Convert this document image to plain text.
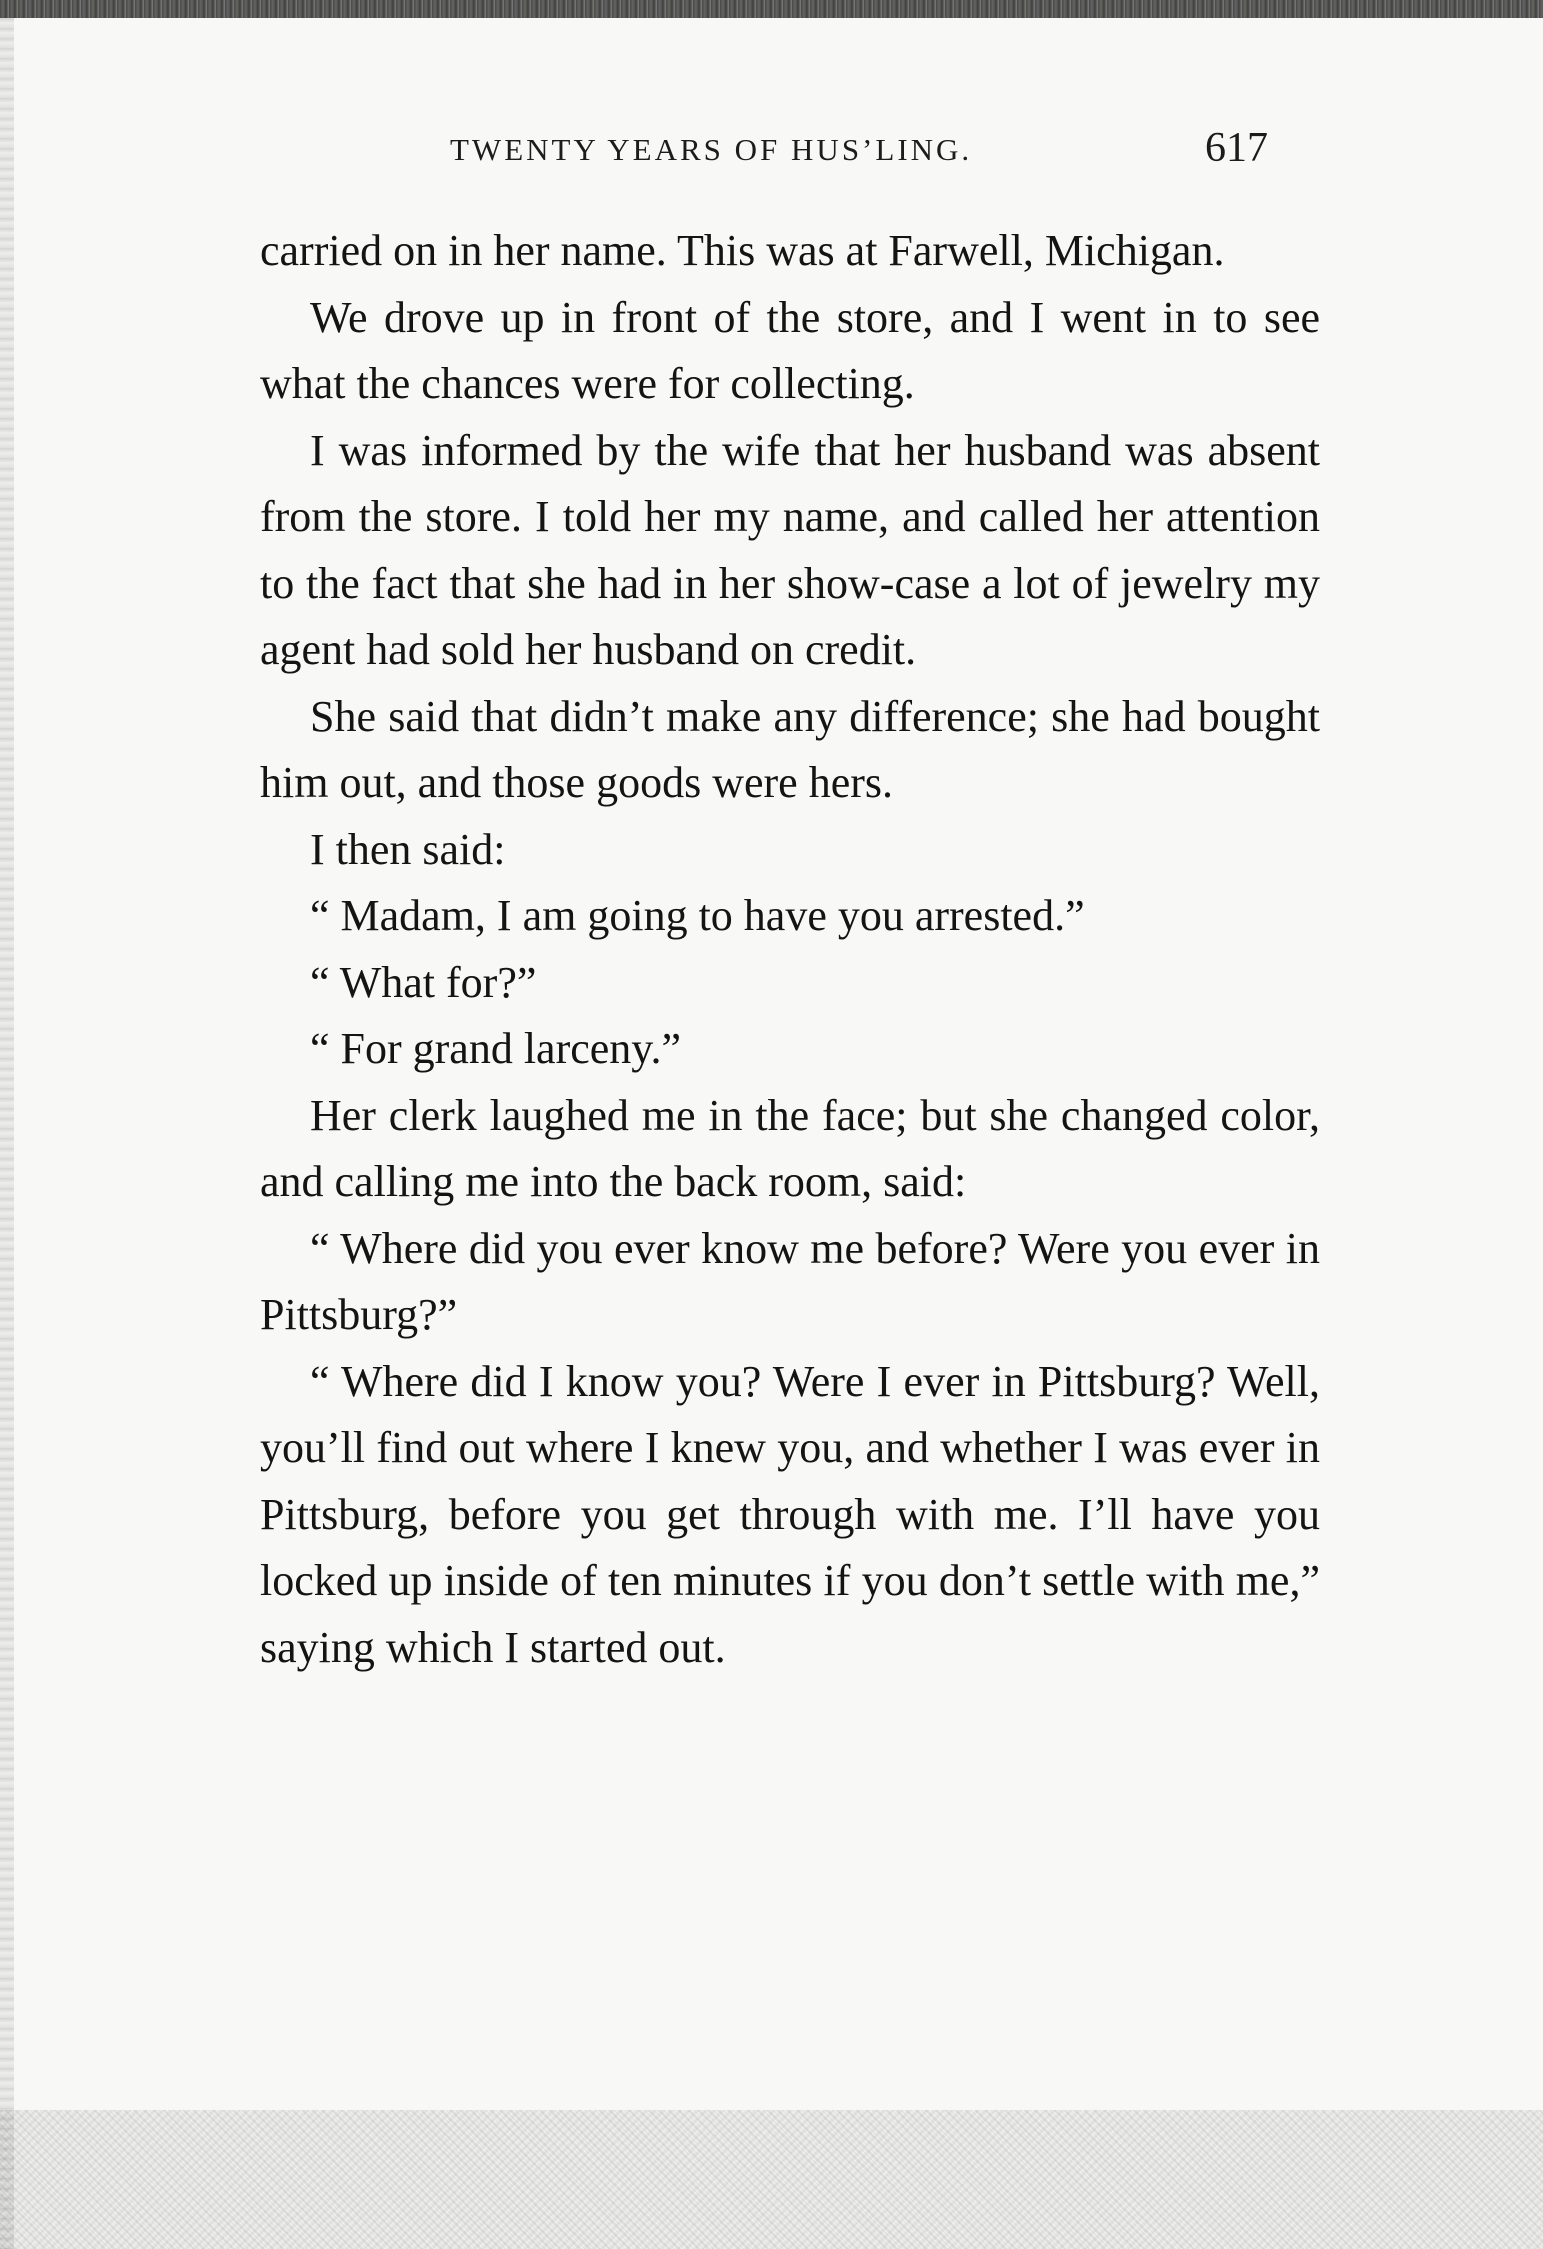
TWENTY YEARS OF HUS’LING.	617

carried on in her name. This was at Farwell, Michigan.

We drove up in front of the store, and I went in to see what the chances were for collecting.

I was informed by the wife that her husband was absent from the store. I told her my name, and called her attention to the fact that she had in her show-case a lot of jewelry my agent had sold her husband on credit.

She said that didn’t make any difference; she had bought him out, and those goods were hers.

I then said:

“ Madam, I am going to have you arrested.”

“ What for?”

“ For grand larceny.”

Her clerk laughed me in the face; but she changed color, and calling me into the back room, said:

“ Where did you ever know me before? Were you ever in Pittsburg?”

“ Where did I know you? Were I ever in Pittsburg? Well, you’ll find out where I knew you, and whether I was ever in Pittsburg, before you get through with me. I’ll have you locked up inside of ten minutes if you don’t settle with me,” saying which I started out.
